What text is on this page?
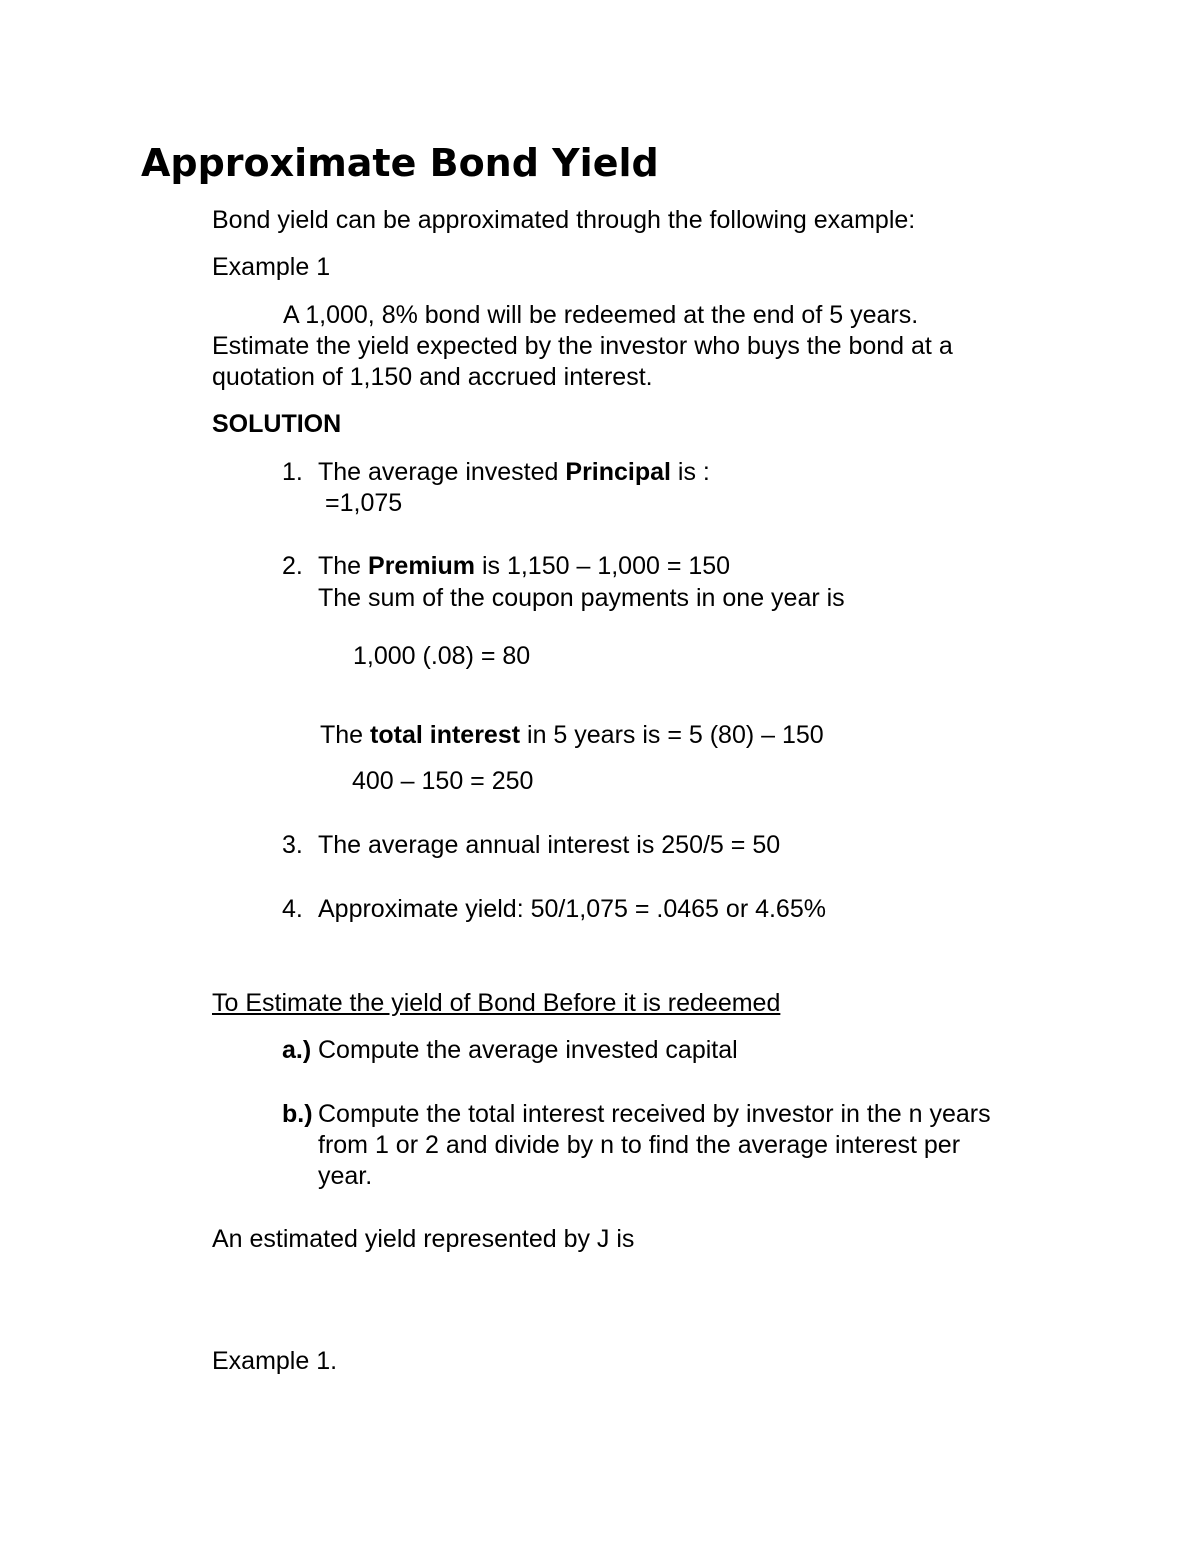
Approximate Bond Yield
Bond yield can be approximated through the following example:
Example 1
A 1,000, 8% bond will be redeemed at the end of 5 years.
Estimate the yield expected by the investor who buys the bond at a
quotation of 1,150 and accrued interest.
SOLUTION
1. The average invested Principal is :
=1,075
2. The Premium is 1,150 – 1,000 = 150
The sum of the coupon payments in one year is
1,000 (.08) = 80
The total interest in 5 years is = 5 (80) – 150
400 – 150 = 250
3. The average annual interest is 250/5 = 50
4. Approximate yield: 50/1,075 = .0465 or 4.65%
To Estimate the yield of Bond Before it is redeemed
a.) Compute the average invested capital
b.) Compute the total interest received by investor in the n years
from 1 or 2 and divide by n to find the average interest per
year.
An estimated yield represented by J is
Example 1.
